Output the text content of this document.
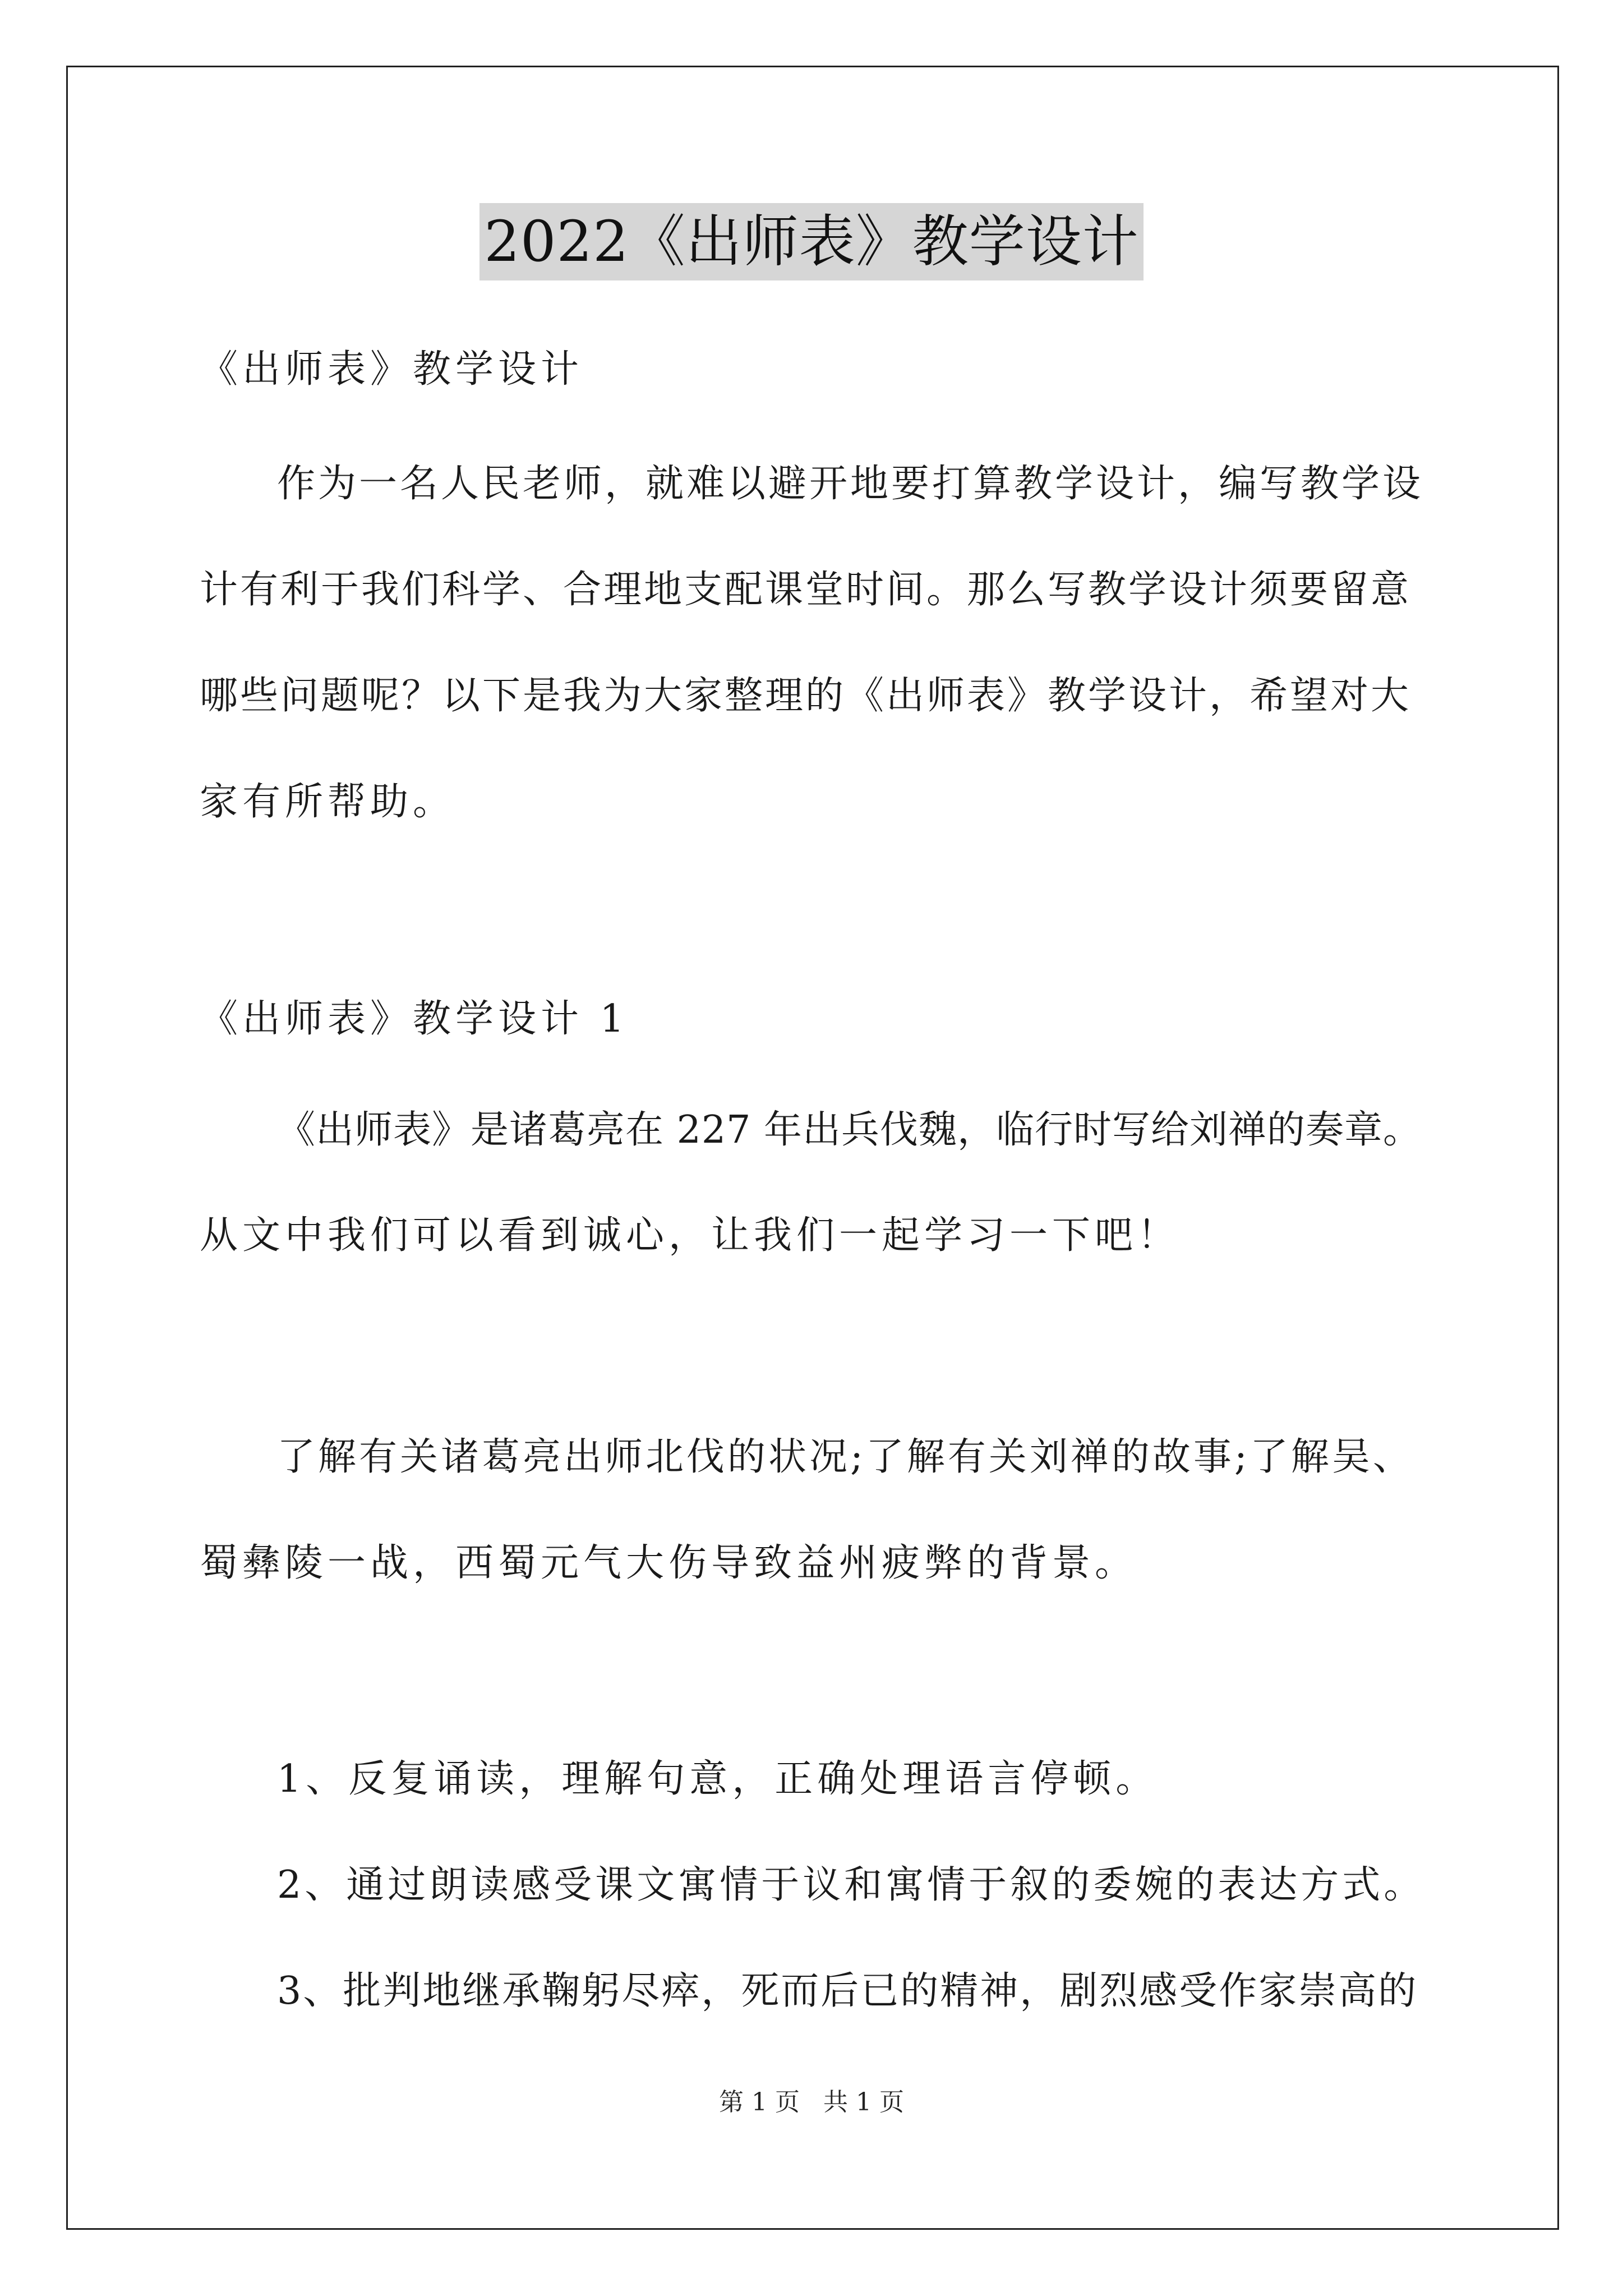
2022《出师表》教学设计
《出师表》教学设计
作为一名人民老师，就难以避开地要打算教学设计，编写教学设
计有利于我们科学、合理地支配课堂时间。那么写教学设计须要留意
哪些问题呢？以下是我为大家整理的《出师表》教学设计，希望对大
家有所帮助。
《出师表》教学设计 1
《出师表》是诸葛亮在 227 年出兵伐魏，临行时写给刘禅的奏章。
从文中我们可以看到诚心，让我们一起学习一下吧！
了解有关诸葛亮出师北伐的状况;了解有关刘禅的故事;了解吴、
蜀彝陵一战，西蜀元气大伤导致益州疲弊的背景。
1、反复诵读，理解句意，正确处理语言停顿。
2、通过朗读感受课文寓情于议和寓情于叙的委婉的表达方式。
3、批判地继承鞠躬尽瘁，死而后已的精神，剧烈感受作家崇高的
第 1 页   共 1 页
